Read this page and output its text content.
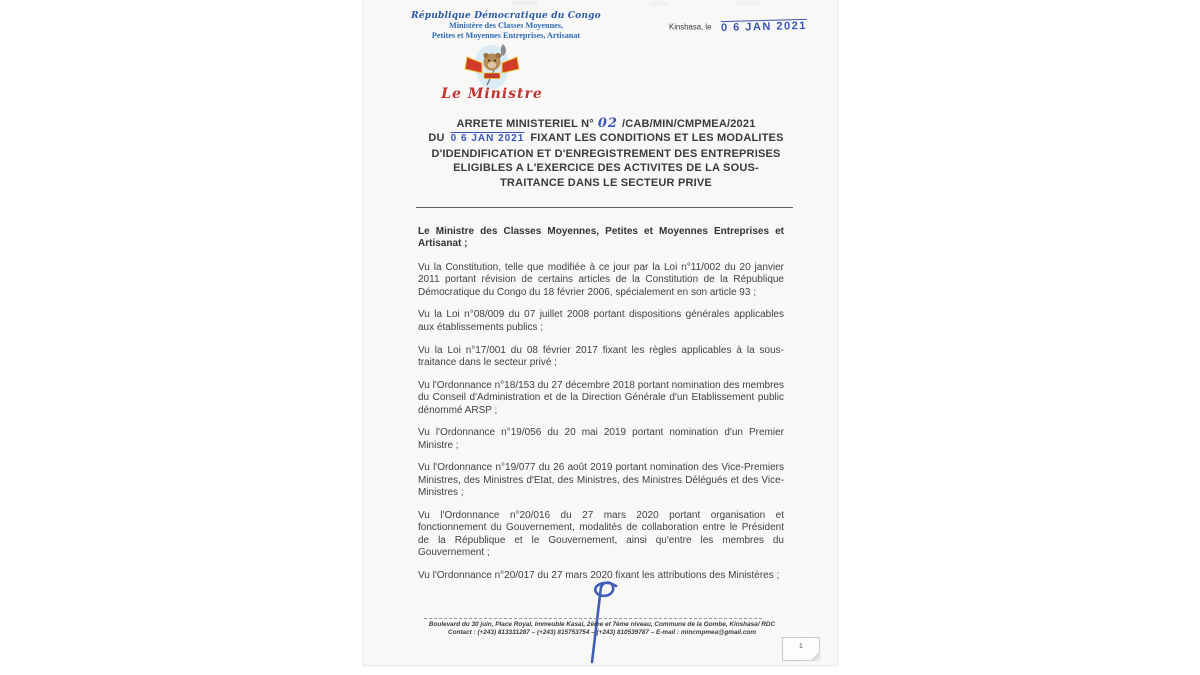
République Démocratique du Congo
Ministère des Classes Moyennes,
Petites et Moyennes Entreprises, Artisanat
Le Ministre
Kinshasa, le 0 6 JAN 2021
ARRETE MINISTERIEL N° 02 /CAB/MIN/CMPMEA/2021
DU 0 6 JAN 2021 FIXANT LES CONDITIONS ET LES MODALITES
D'IDENDIFICATION ET D'ENREGISTREMENT DES ENTREPRISES
ELIGIBLES A L'EXERCICE DES ACTIVITES DE LA SOUS-
TRAITANCE DANS LE SECTEUR PRIVE

Le Ministre des Classes Moyennes, Petites et Moyennes Entreprises et Artisanat ;

Vu la Constitution, telle que modifiée à ce jour par la Loi n°11/002 du 20 janvier 2011 portant révision de certains articles de la Constitution de la République Démocratique du Congo du 18 février 2006, spécialement en son article 93 ;

Vu la Loi n°08/009 du 07 juillet 2008 portant dispositions générales applicables aux établissements publics ;

Vu la Loi n°17/001 du 08 février 2017 fixant les règles applicables à la sous-traitance dans le secteur privé ;

Vu l'Ordonnance n°18/153 du 27 décembre 2018 portant nomination des membres du Conseil d'Administration et de la Direction Générale d'un Etablissement public dénommé ARSP ;

Vu l'Ordonnance n°19/056 du 20 mai 2019 portant nomination d'un Premier Ministre ;

Vu l'Ordonnance n°19/077 du 26 août 2019 portant nomination des Vice-Premiers Ministres, des Ministres d'Etat, des Ministres, des Ministres Délégués et des Vice-Ministres ;

Vu l'Ordonnance n°20/016 du 27 mars 2020 portant organisation et fonctionnement du Gouvernement, modalités de collaboration entre le Président de la République et le Gouvernement, ainsi qu'entre les membres du Gouvernement ;

Vu l'Ordonnance n°20/017 du 27 mars 2020 fixant les attributions des Ministères ;

Boulevard du 30 juin, Place Royal, Immeuble Kasai, 2ème et 7ème niveau, Commune de la Gombe, Kinshasa/ RDC
Contact : (+243) 813331287 – (+243) 815753754 – (+243) 810539787 – E-mail : mincmpmea@gmail.com
1
